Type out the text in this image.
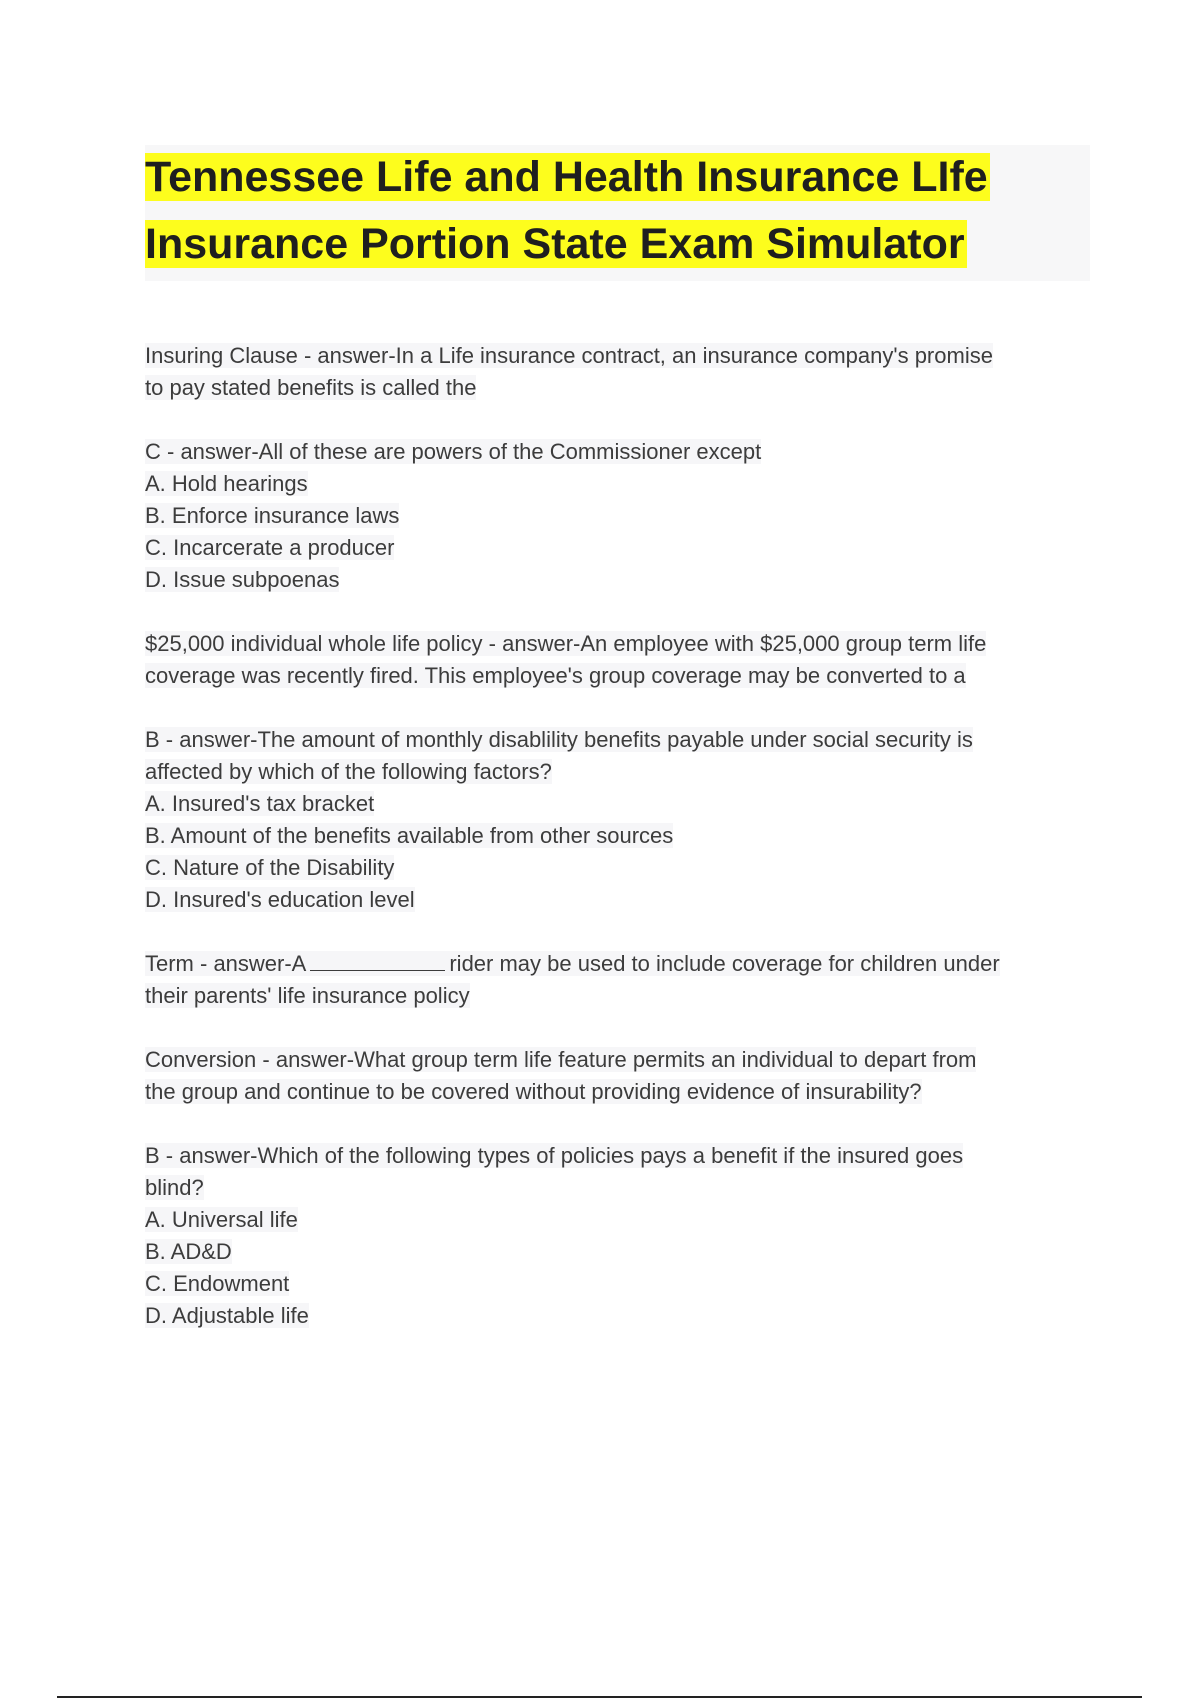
Tennessee Life and Health Insurance LIfe
Insurance Portion State Exam Simulator
Insuring Clause - answer-In a Life insurance contract, an insurance company's promise
to pay stated benefits is called the
C - answer-All of these are powers of the Commissioner except
A. Hold hearings
B. Enforce insurance laws
C. Incarcerate a producer
D. Issue subpoenas
$25,000 individual whole life policy - answer-An employee with $25,000 group term life
coverage was recently fired. This employee's group coverage may be converted to a
B - answer-The amount of monthly disablility benefits payable under social security is
affected by which of the following factors?
A. Insured's tax bracket
B. Amount of the benefits available from other sources
C. Nature of the Disability
D. Insured's education level
Term - answer-A	rider may be used to include coverage for children under
their parents' life insurance policy
Conversion - answer-What group term life feature permits an individual to depart from
the group and continue to be covered without providing evidence of insurability?
B - answer-Which of the following types of policies pays a benefit if the insured goes
blind?
A. Universal life
B. AD&D
C. Endowment
D. Adjustable life
